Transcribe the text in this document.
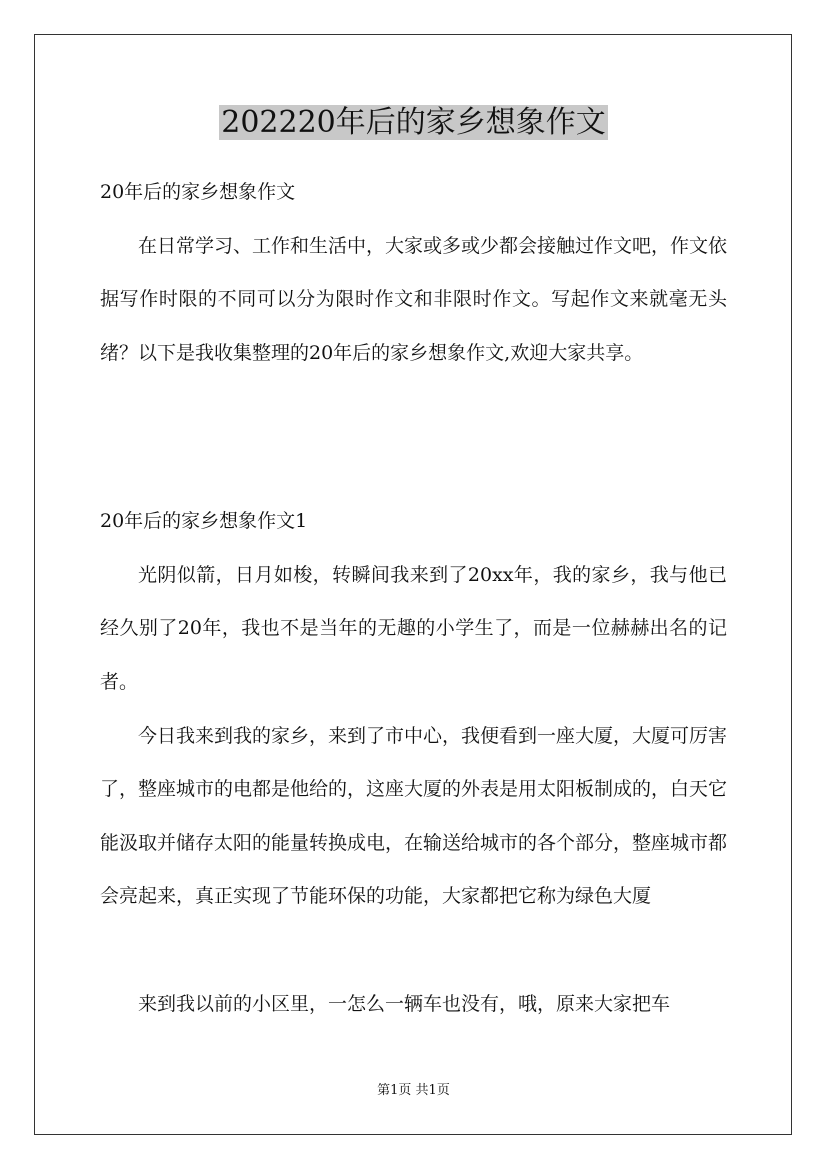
202220年后的家乡想象作文
20年后的家乡想象作文
在日常学习、工作和生活中，大家或多或少都会接触过作文吧，作文依据写作时限的不同可以分为限时作文和非限时作文。写起作文来就毫无头绪？以下是我收集整理的20年后的家乡想象作文,欢迎大家共享。
20年后的家乡想象作文1
光阴似箭，日月如梭，转瞬间我来到了20xx年，我的家乡，我与他已经久别了20年，我也不是当年的无趣的小学生了，而是一位赫赫出名的记者。
今日我来到我的家乡，来到了市中心，我便看到一座大厦，大厦可厉害了，整座城市的电都是他给的，这座大厦的外表是用太阳板制成的，白天它能汲取并储存太阳的能量转换成电，在输送给城市的各个部分，整座城市都会亮起来，真正实现了节能环保的功能，大家都把它称为绿色大厦
来到我以前的小区里，一怎么一辆车也没有，哦，原来大家把车
第1页 共1页
